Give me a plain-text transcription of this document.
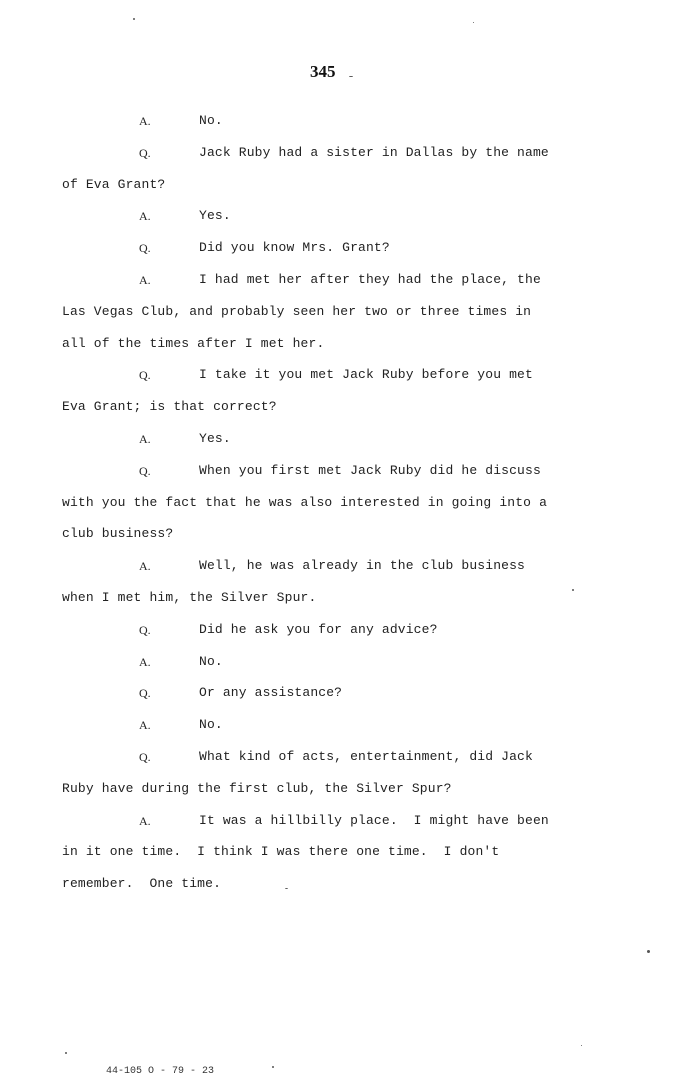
345
A.	No.
Q.	Jack Ruby had a sister in Dallas by the name
of Eva Grant?
A.	Yes.
Q.	Did you know Mrs. Grant?
A.	I had met her after they had the place, the
Las Vegas Club, and probably seen her two or three times in
all of the times after I met her.
Q.	I take it you met Jack Ruby before you met
Eva Grant; is that correct?
A.	Yes.
Q.	When you first met Jack Ruby did he discuss
with you the fact that he was also interested in going into a
club business?
A.	Well, he was already in the club business
when I met him, the Silver Spur.
Q.	Did he ask you for any advice?
A.	No.
Q.	Or any assistance?
A.	No.
Q.	What kind of acts, entertainment, did Jack
Ruby have during the first club, the Silver Spur?
A.	It was a hillbilly place.  I might have been
in it one time.  I think I was there one time.  I don't
remember.  One time.
44-105 O - 79 - 23
